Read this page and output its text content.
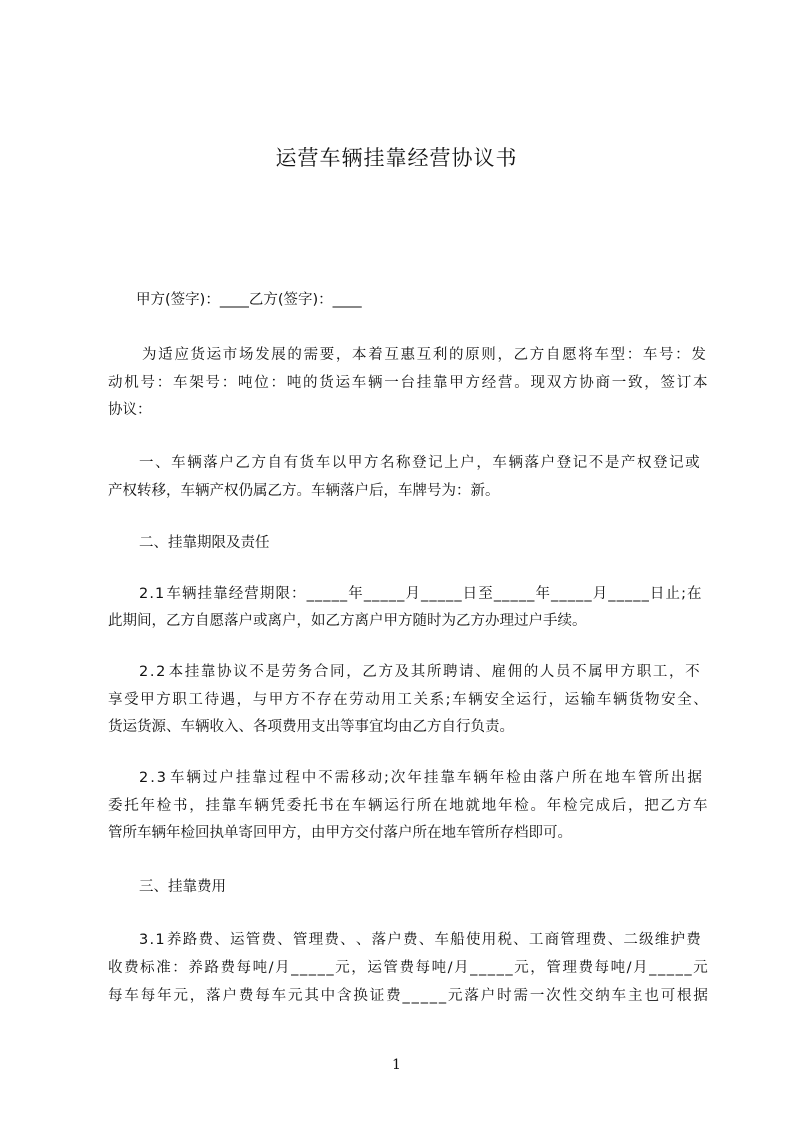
运营车辆挂靠经营协议书
甲方(签字)：____乙方(签字)：____
为 适 应 货 运 市 场 发 展 的 需 要 ， 本 着 互 惠 互 利 的 原 则 ， 乙 方 自 愿 将 车 型 ： 车 号 ： 发
动 机 号 ： 车 架 号 ： 吨 位 ： 吨 的 货 运 车 辆 一 台 挂 靠 甲 方 经 营 。 现 双 方 协 商 一 致 ， 签 订 本
协议：
一 、 车 辆 落 户 乙 方 自 有 货 车 以 甲 方 名 称 登 记 上 户 ， 车 辆 落 户 登 记 不 是 产 权 登 记 或
产权转移，车辆产权仍属乙方。车辆落户后，车牌号为：新。
二、挂靠期限及责任
2 . 1 车 辆 挂 靠 经 营 期 限 ： _ _ _ _ _ 年 _ _ _ _ _ 月 _ _ _ _ _ 日 至 _ _ _ _ _ 年 _ _ _ _ _ 月 _ _ _ _ _ 日 止 ; 在
此期间，乙方自愿落户或离户，如乙方离户甲方随时为乙方办理过户手续。
2 . 2 本 挂 靠 协 议 不 是 劳 务 合 同 ， 乙 方 及 其 所 聘 请 、 雇 佣 的 人 员 不 属 甲 方 职 工 ， 不
享 受 甲 方 职 工 待 遇 ， 与 甲 方 不 存 在 劳 动 用 工 关 系 ; 车 辆 安 全 运 行 ， 运 输 车 辆 货 物 安 全 、
货运货源、车辆收入、各项费用支出等事宜均由乙方自行负责。
2 . 3 车 辆 过 户 挂 靠 过 程 中 不 需 移 动 ; 次 年 挂 靠 车 辆 年 检 由 落 户 所 在 地 车 管 所 出 据
委 托 年 检 书 ， 挂 靠 车 辆 凭 委 托 书 在 车 辆 运 行 所 在 地 就 地 年 检 。 年 检 完 成 后 ， 把 乙 方 车
管所车辆年检回执单寄回甲方，由甲方交付落户所在地车管所存档即可。
三、挂靠费用
3 . 1 养 路 费 、 运 管 费 、 管 理 费 、 、 落 户 费 、 车 船 使 用 税 、 工 商 管 理 费 、 二 级 维 护 费
收 费 标 准 ： 养 路 费 每 吨 / 月 _ _ _ _ _ 元 ， 运 管 费 每 吨 / 月 _ _ _ _ _ 元 ， 管 理 费 每 吨 / 月 _ _ _ _ _ 元
每 车 每 年 元 ， 落 户 费 每 车 元 其 中 含 换 证 费 _ _ _ _ _ 元 落 户 时 需 一 次 性 交 纳 车 主 也 可 根 据
1
